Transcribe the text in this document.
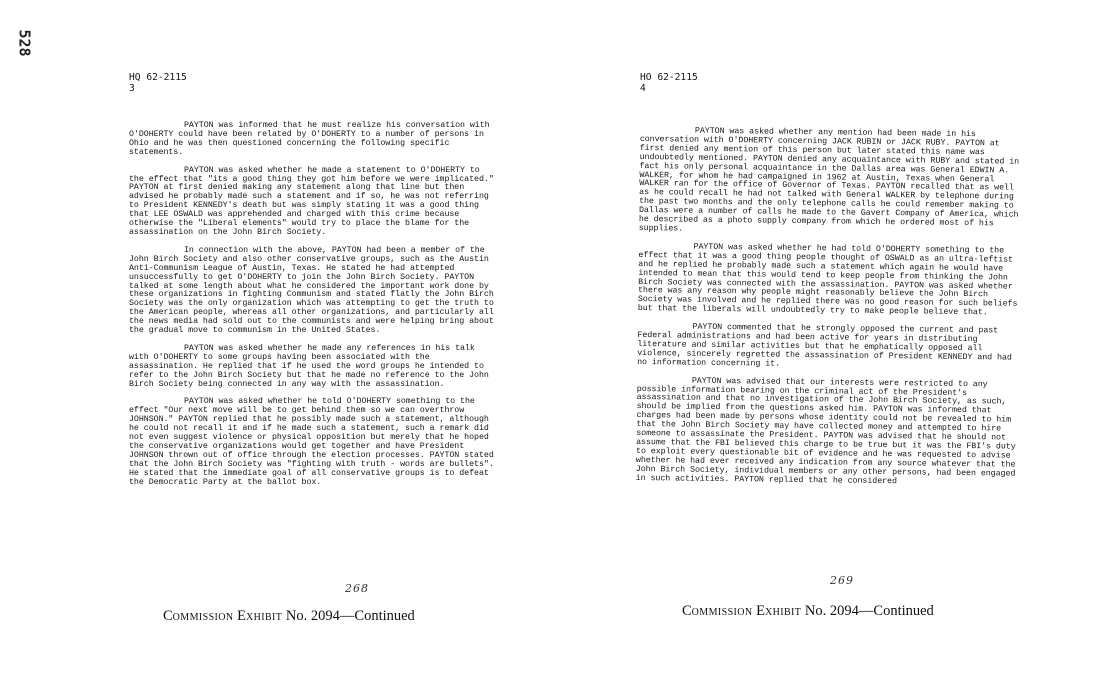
528
HQ 62-2115
3

PAYTON was informed that he must realize his conversation with O'DOHERTY could have been related by O'DOHERTY to a number of persons in Ohio and he was then questioned concerning the following specific statements.

PAYTON was asked whether he made a statement to O'DOHERTY to the effect that "its a good thing they got him before we were implicated." PAYTON at first denied making any statement along that line but then advised he probably made such a statement and if so, he was not referring to President KENNEDY's death but was simply stating it was a good thing that LEE OSWALD was apprehended and charged with this crime because otherwise the "Liberal elements" would try to place the blame for the assassination on the John Birch Society.

In connection with the above, PAYTON had been a member of the John Birch Society and also other conservative groups, such as the Austin Anti-Communism League of Austin, Texas. He stated he had attempted unsuccessfully to get O'DOHERTY to join the John Birch Society. PAYTON talked at some length about what he considered the important work done by these organizations in fighting Communism and stated flatly the John Birch Society was the only organization which was attempting to get the truth to the American people, whereas all other organizations, and particularly all the news media had sold out to the communists and were helping bring about the gradual move to communism in the United States.

PAYTON was asked whether he made any references in his talk with O'DOHERTY to some groups having been associated with the assassination. He replied that if he used the word groups he intended to refer to the John Birch Society but that he made no reference to the John Birch Society being connected in any way with the assassination.

PAYTON was asked whether he told O'DOHERTY something to the effect "Our next move will be to get behind them so we can overthrow JOHNSON." PAYTON replied that he possibly made such a statement, although he could not recall it and if he made such a statement, such a remark did not even suggest violence or physical opposition but merely that he hoped the conservative organizations would get together and have President JOHNSON thrown out of office through the election processes. PAYTON stated that the John Birch Society was "fighting with truth - words are bullets". He stated that the immediate goal of all conservative groups is to defeat the Democratic Party at the ballot box.

268
Commission Exhibit No. 2094—Continued
HO 62-2115
4

PAYTON was asked whether any mention had been made in his conversation with O'DOHERTY concerning JACK RUBIN or JACK RUBY. PAYTON at first denied any mention of this person but later stated this name was undoubtedly mentioned. PAYTON denied any acquaintance with RUBY and stated in fact his only personal acquaintance in the Dallas area was General EDWIN A. WALKER, for whom he had campaigned in 1962 at Austin, Texas when General WALKER ran for the office of Governor of Texas. PAYTON recalled that as well as he could recall he had not talked with General WALKER by telephone during the past two months and the only telephone calls he could remember making to Dallas were a number of calls he made to the Gavert Company of America, which he described as a photo supply company from which he ordered most of his supplies.

PAYTON was asked whether he had told O'DOHERTY something to the effect that it was a good thing people thought of OSWALD as an ultra-leftist and he replied he probably made such a statement which again he would have intended to mean that this would tend to keep people from thinking the John Birch Society was connected with the assassination. PAYTON was asked whether there was any reason why people might reasonably believe the John Birch Society was involved and he replied there was no good reason for such beliefs but that the liberals will undoubtedly try to make people believe that.

PAYTON commented that he strongly opposed the current and past Federal administrations and had been active for years in distributing literature and similar activities but that he emphatically opposed all violence, sincerely regretted the assassination of President KENNEDY and had no information concerning it.

PAYTON was advised that our interests were restricted to any possible information bearing on the criminal act of the President's assassination and that no investigation of the John Birch Society, as such, should be implied from the questions asked him. PAYTON was informed that charges had been made by persons whose identity could not be revealed to him that the John Birch Society may have collected money and attempted to hire someone to assassinate the President. PAYTON was advised that he should not assume that the FBI believed this charge to be true but it was the FBI's duty to exploit every questionable bit of evidence and he was requested to advise whether he had ever received any indication from any source whatever that the John Birch Society, individual members or any other persons, had been engaged in such activities. PAYTON replied that he considered

269
Commission Exhibit No. 2094—Continued
